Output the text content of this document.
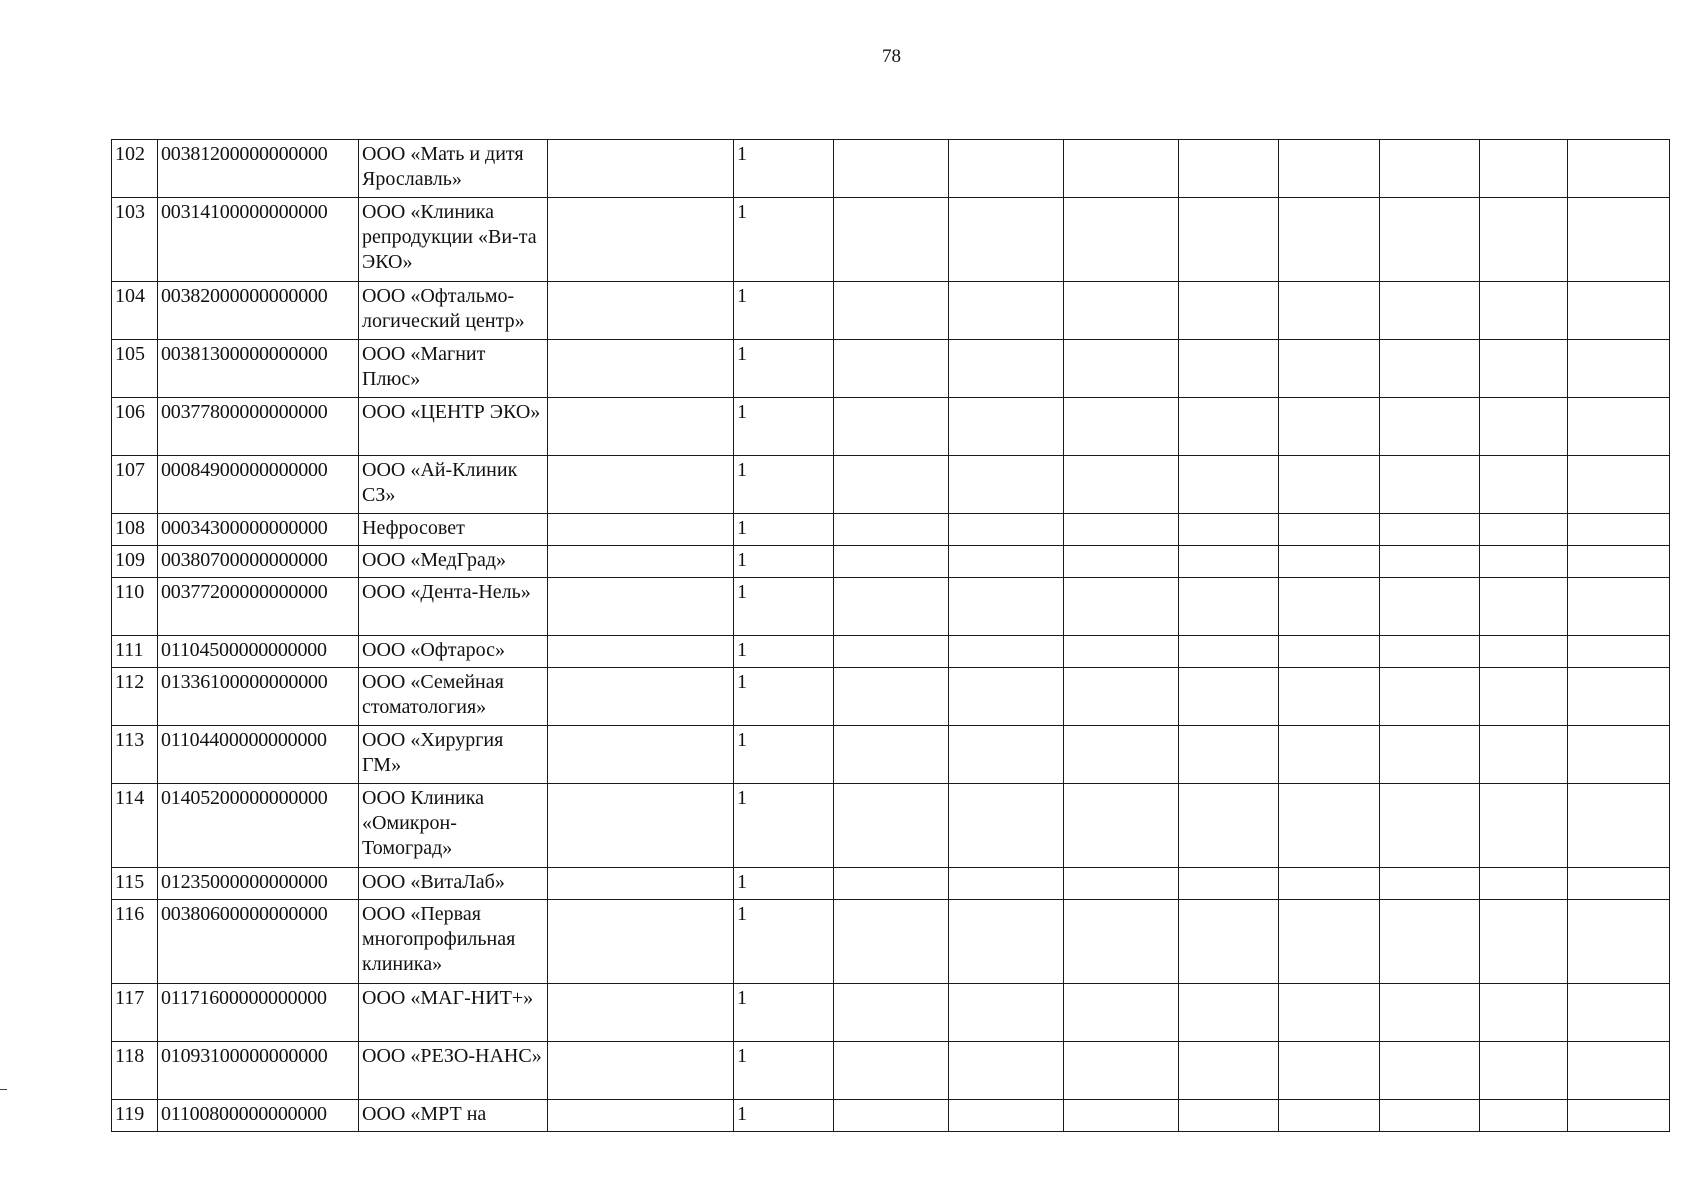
78
102	00381200000000000	ООО «Мать и дитя Ярославль»		1								
103	00314100000000000	ООО «Клиника репродукции «Ви-та ЭКО»		1								
104	00382000000000000	ООО «Офтальмо-логический центр»		1								
105	00381300000000000	ООО «Магнит Плюс»		1								
106	00377800000000000	ООО «ЦЕНТР ЭКО»		1								
107	00084900000000000	ООО «Ай-Клиник СЗ»		1								
108	00034300000000000	Нефросовет		1								
109	00380700000000000	ООО «МедГрад»		1								
110	00377200000000000	ООО «Дента-Нель»		1								
111	01104500000000000	ООО «Офтарос»		1								
112	01336100000000000	ООО «Семейная стоматология»		1								
113	01104400000000000	ООО «Хирургия ГМ»		1								
114	01405200000000000	ООО Клиника «Омикрон-Томоград»		1								
115	01235000000000000	ООО «ВитаЛаб»		1								
116	00380600000000000	ООО «Первая многопрофильная клиника»		1								
117	01171600000000000	ООО «МАГ-НИТ+»		1								
118	01093100000000000	ООО «РЕЗО-НАНС»		1								
119	01100800000000000	ООО «МРТ на		1								
